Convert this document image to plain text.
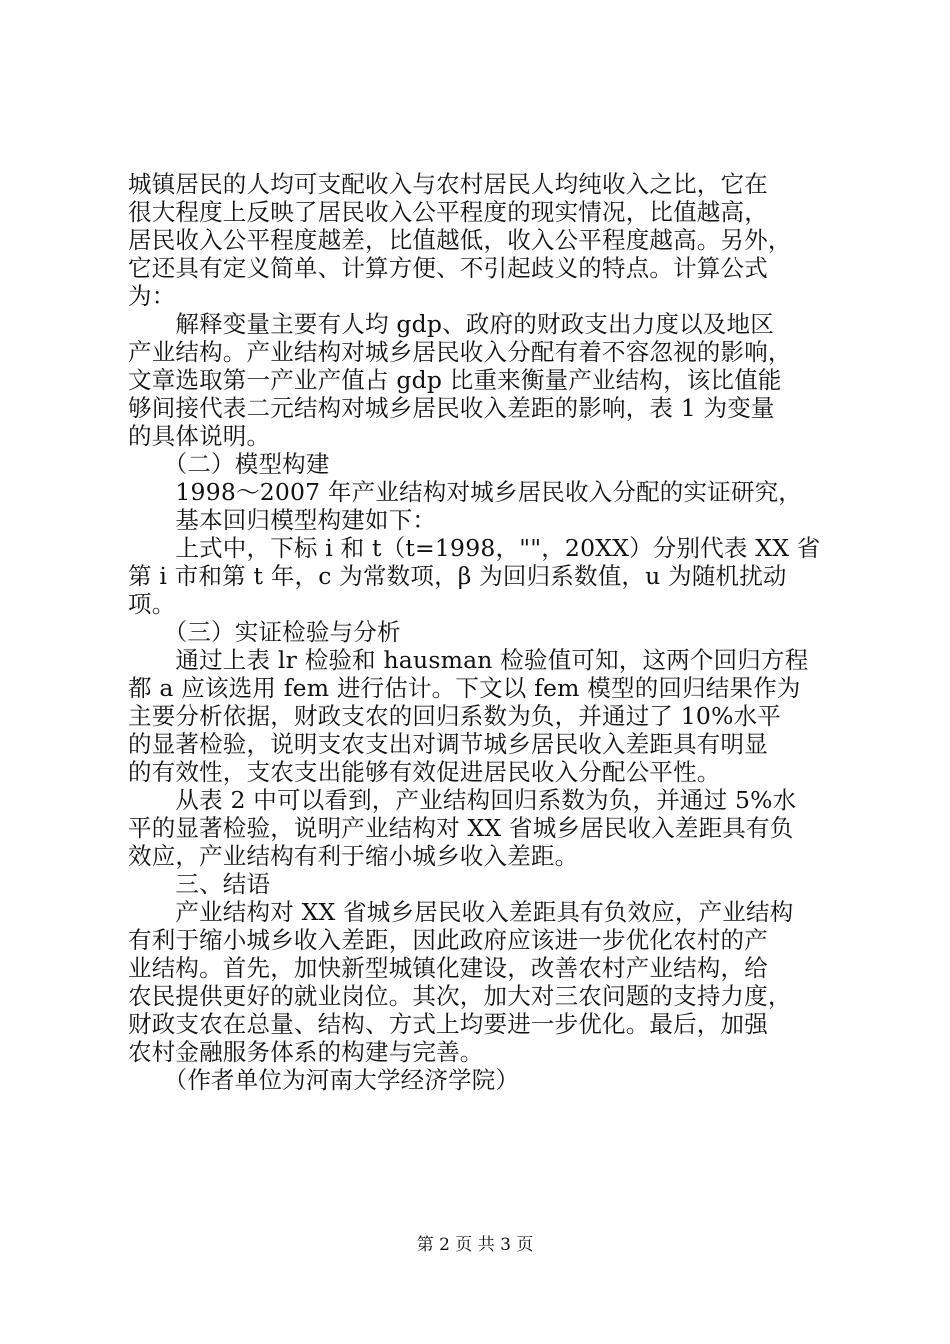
城镇居民的人均可支配收入与农村居民人均纯收入之比，它在
很大程度上反映了居民收入公平程度的现实情况，比值越高，
居民收入公平程度越差，比值越低，收入公平程度越高。另外，
它还具有定义简单、计算方便、不引起歧义的特点。计算公式
为：
　　解释变量主要有人均 gdp、政府的财政支出力度以及地区
产业结构。产业结构对城乡居民收入分配有着不容忽视的影响，
文章选取第一产业产值占 gdp 比重来衡量产业结构，该比值能
够间接代表二元结构对城乡居民收入差距的影响，表 1 为变量
的具体说明。
　　（二）模型构建
　　1998～2007 年产业结构对城乡居民收入分配的实证研究，
　　基本回归模型构建如下：
　　上式中，下标 i 和 t（t=1998，""，20XX）分别代表 XX 省
第 i 市和第 t 年，c 为常数项，β 为回归系数值，u 为随机扰动
项。
　　（三）实证检验与分析
　　通过上表 lr 检验和 hausman 检验值可知，这两个回归方程
都 a 应该选用 fem 进行估计。下文以 fem 模型的回归结果作为
主要分析依据，财政支农的回归系数为负，并通过了 10%水平
的显著检验，说明支农支出对调节城乡居民收入差距具有明显
的有效性，支农支出能够有效促进居民收入分配公平性。
　　从表 2 中可以看到，产业结构回归系数为负，并通过 5%水
平的显著检验，说明产业结构对 XX 省城乡居民收入差距具有负
效应，产业结构有利于缩小城乡收入差距。
　　三、结语
　　产业结构对 XX 省城乡居民收入差距具有负效应，产业结构
有利于缩小城乡收入差距，因此政府应该进一步优化农村的产
业结构。首先，加快新型城镇化建设，改善农村产业结构，给
农民提供更好的就业岗位。其次，加大对三农问题的支持力度，
财政支农在总量、结构、方式上均要进一步优化。最后，加强
农村金融服务体系的构建与完善。
　　（作者单位为河南大学经济学院）
第 2 页 共 3 页
